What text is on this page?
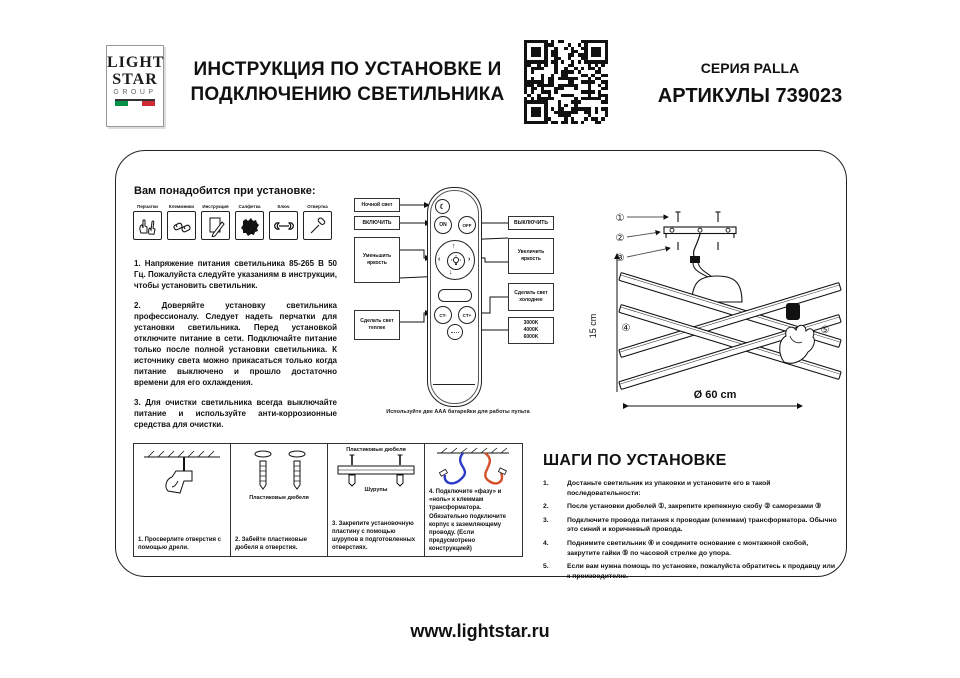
LIGHT
STAR
GROUP
ИНСТРУКЦИЯ ПО УСТАНОВКЕ И
ПОДКЛЮЧЕНИЮ СВЕТИЛЬНИКА
СЕРИЯ PALLA
АРТИКУЛЫ 739023
Вам понадобится при установке:
Перчатки	Клеммники	Инструкция	Салфетка	Ключ	Отвертка

1. Напряжение питания светильника 85-265 В 50 Гц. Пожалуйста следуйте указаниям в инструкции, чтобы установить светильник.

2. Доверяйте установку светильника профессионалу. Следует надеть перчатки для установки светильника. Перед установкой отключите питание в сети. Подключайте питание только после полной установки светильника. К источнику света можно прикасаться только когда питание выключено и прошло достаточно времени для его охлаждения.

3. Для очистки светильника всегда выключайте питание и используйте анти-коррозионные средства для очистки.

Ночной свет
ВКЛЮЧИТЬ
Уменьшить яркость
Сделать свет теплее
ВЫКЛЮЧИТЬ
Увеличить яркость
Сделать свет холоднее
3000K
4000K
6000K
☾
ON	OFF
↑
↓
‹	›
CT-	CT+
Используйте две ААА батарейки для работы пульта
15 cm
Ø 60 cm
①
②
③
④	⑤
1. Просверлите отверстия с помощью дрели.
Пластиковые дюбеля
2. Забейте пластиковые дюбеля в отверстия.
Пластиковые дюбеля
Шурупы
3. Закрепите установочную пластину с помощью шурупов в подготовленных отверстиях.
4. Подключите «фазу» и «ноль» к клеммам трансформатора. Обязательно подключите корпус к заземляющему проводу. (Если предусмотрено конструкцией)
ШАГИ ПО УСТАНОВКЕ
1.	Достаньте светильник из упаковки и установите его в такой последовательности:
2.	После установки дюбелей ①, закрепите крепежную скобу ② саморезами ③
3.	Подключите провода питания к проводам (клеммам) трансформатора. Обычно это синий и коричневый провода.
4.	Поднимите светильник ④ и соедините основание с монтажной скобой, закрутите гайки ⑤ по часовой стрелке до упора.
5.	Если вам нужна помощь по установке, пожалуйста обратитесь к продавцу или к производителю.
www.lightstar.ru
